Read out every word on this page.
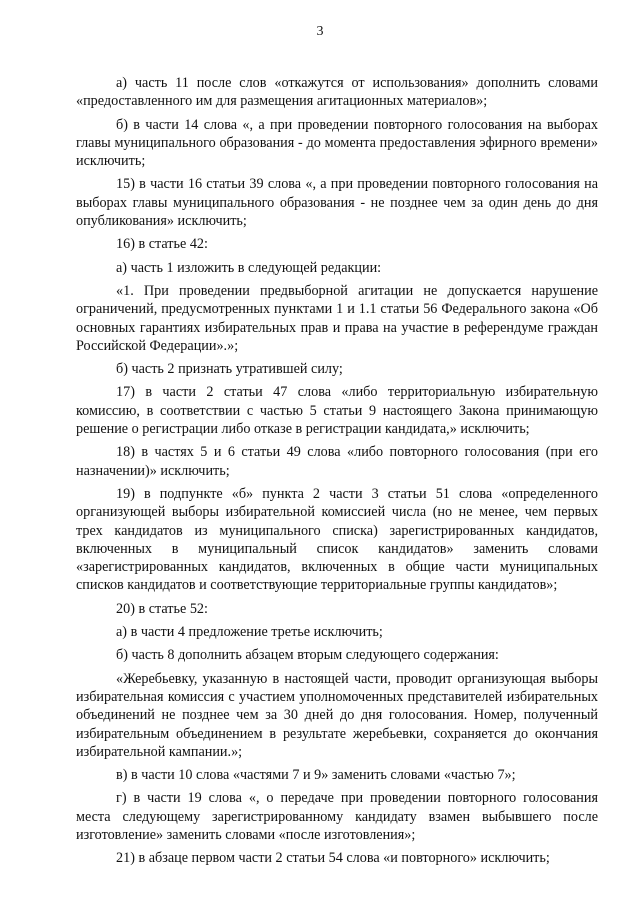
3

а) часть 11 после слов «откажутся от использования» дополнить словами «предоставленного им для размещения агитационных материалов»;

б) в части 14 слова «, а при проведении повторного голосования на выборах главы муниципального образования - до момента предоставления эфирного времени» исключить;

15) в части 16 статьи 39 слова «, а при проведении повторного голосования на выборах главы муниципального образования - не позднее чем за один день до дня опубликования» исключить;

16) в статье 42:

а) часть 1 изложить в следующей редакции:

«1. При проведении предвыборной агитации не допускается нарушение ограничений, предусмотренных пунктами 1 и 1.1 статьи 56 Федерального закона «Об основных гарантиях избирательных прав и права на участие в референдуме граждан Российской Федерации».»;

б) часть 2 признать утратившей силу;

17) в части 2 статьи 47 слова «либо территориальную избирательную комиссию, в соответствии с частью 5 статьи 9 настоящего Закона принимающую решение о регистрации либо отказе в регистрации кандидата,» исключить;

18) в частях 5 и 6 статьи 49 слова «либо повторного голосования (при его назначении)» исключить;

19) в подпункте «б» пункта 2 части 3 статьи 51 слова «определенного организующей выборы избирательной комиссией числа (но не менее, чем первых трех кандидатов из муниципального списка) зарегистрированных кандидатов, включенных в муниципальный список кандидатов» заменить словами «зарегистрированных кандидатов, включенных в общие части муниципальных списков кандидатов и соответствующие территориальные группы кандидатов»;

20) в статье 52:

а) в части 4 предложение третье исключить;

б) часть 8 дополнить абзацем вторым следующего содержания:

«Жеребьевку, указанную в настоящей части, проводит организующая выборы избирательная комиссия с участием уполномоченных представителей избирательных объединений не позднее чем за 30 дней до дня голосования. Номер, полученный избирательным объединением в результате жеребьевки, сохраняется до окончания избирательной кампании.»;

в) в части 10 слова «частями 7 и 9» заменить словами «частью 7»;

г) в части 19 слова «, о передаче при проведении повторного голосования места следующему зарегистрированному кандидату взамен выбывшего после изготовление» заменить словами «после изготовления»;

21) в абзаце первом части 2 статьи 54 слова «и повторного» исключить;
